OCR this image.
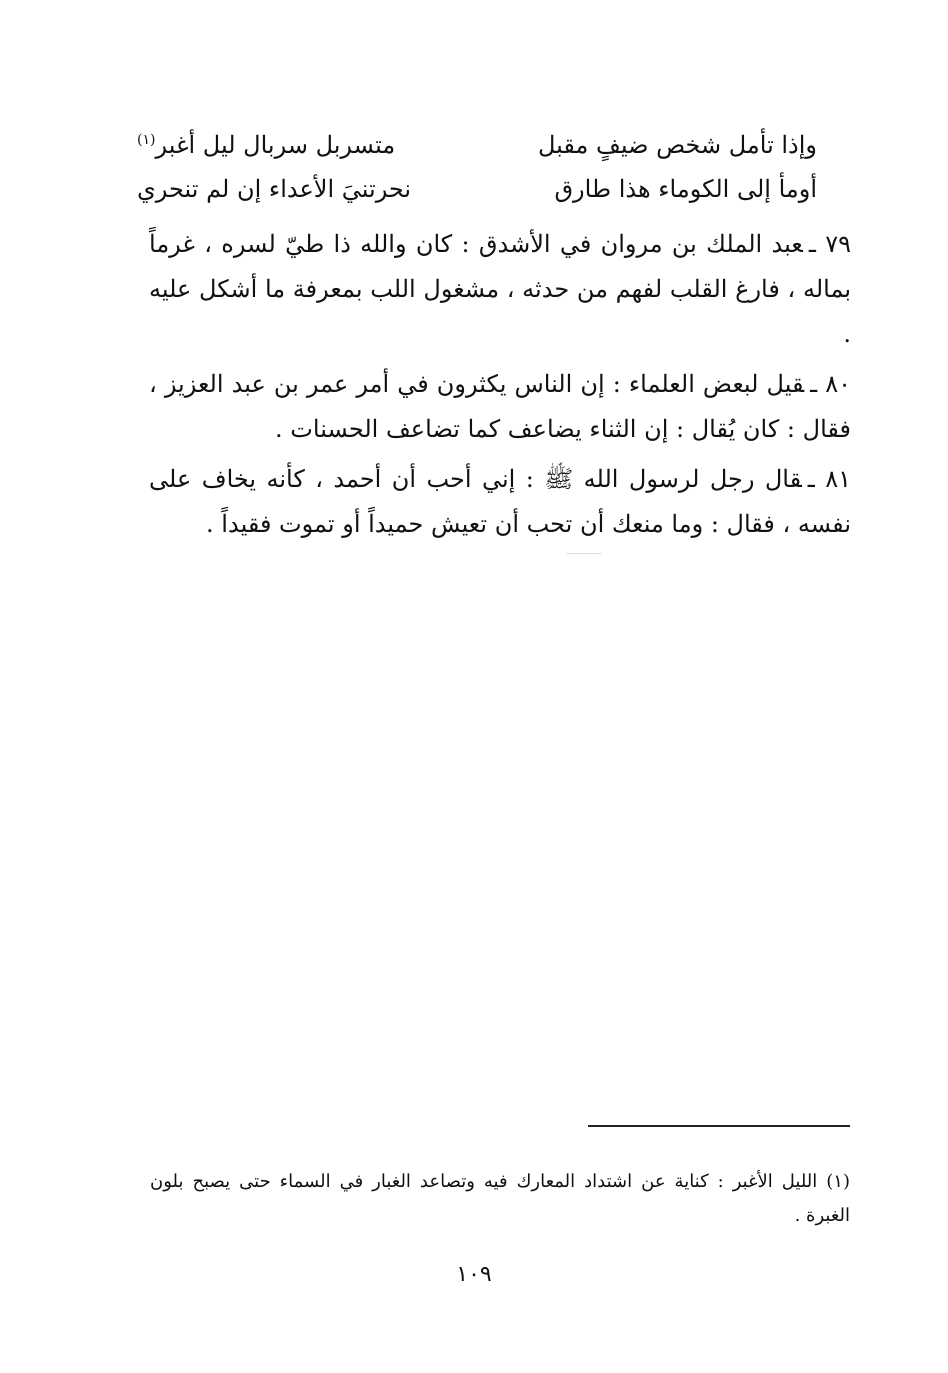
وإذا تأمل شخص ضيفٍ مقبل
متسربل سربال ليل أغبر$^{(١)}$
أومأ إلى الكوماء هذا طارق
نحرتنيَ الأعداء إن لم تنحري
٧٩ ـعبد الملك بن مروان في الأشدق : كان والله ذا طيّ لسره ، غرماً بماله ، فارغ القلب لفهم من حدثه ، مشغول اللب بمعرفة ما أشكل عليه .
٨٠ ـقيل لبعض العلماء : إن الناس يكثرون في أمر عمر بن عبد العزيز ، فقال : كان يُقال : إن الثناء يضاعف كما تضاعف الحسنات .
٨١ ـقال رجل لرسول الله ﷺ : إني أحب أن أحمد ، كأنه يخاف على نفسه ، فقال : وما منعك أن تحب أن تعيش حميداً أو تموت فقيداً .
(١) الليل الأغبر : كناية عن اشتداد المعارك فيه وتصاعد الغبار في السماء حتى يصبح بلون الغبرة .
١٠٩
